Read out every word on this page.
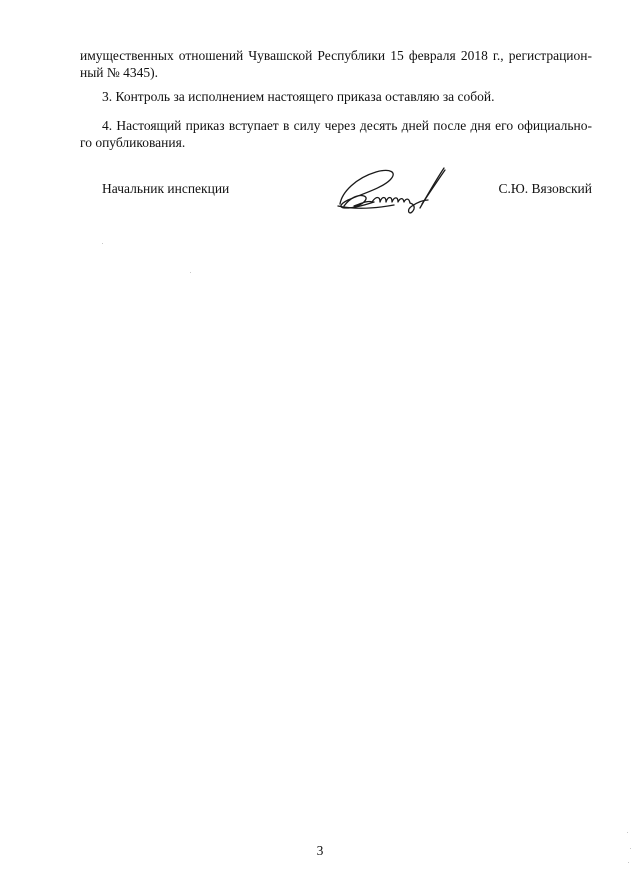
имущественных отношений Чувашской Республики 15 февраля 2018 г., регистрацион-
ный № 4345).
3. Контроль за исполнением настоящего приказа оставляю за собой.
4. Настоящий приказ вступает в силу через десять дней после дня его официально-
го опубликования.
Начальник инспекции	С.Ю. Вязовский
3
